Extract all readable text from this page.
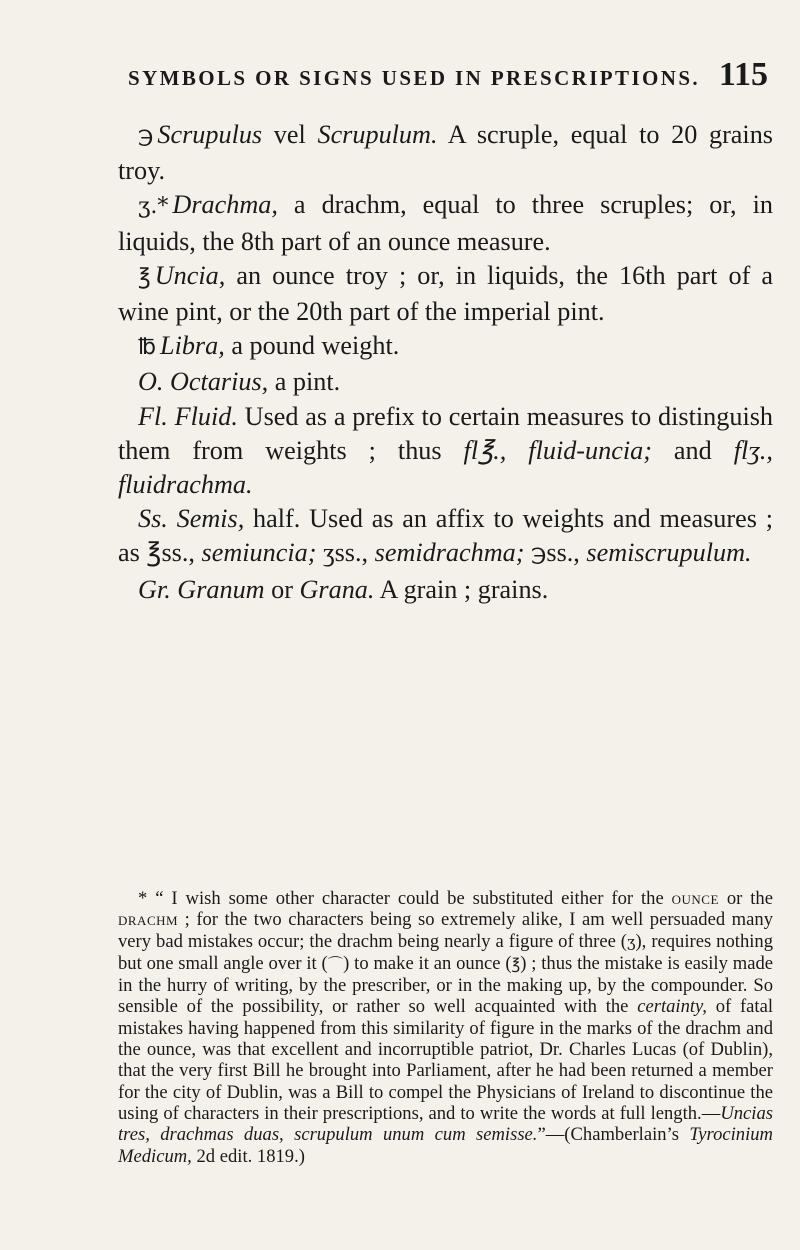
SYMBOLS OR SIGNS USED IN PRESCRIPTIONS. 115

℈ Scrupulus vel Scrupulum. A scruple, equal to 20 grains troy.

ʒ.* Drachma, a drachm, equal to three scruples; or, in liquids, the 8th part of an ounce measure.

℥ Uncia, an ounce troy ; or, in liquids, the 16th part of a wine pint, or the 20th part of the imperial pint.

℔ Libra, a pound weight.

O. Octarius, a pint.

Fl. Fluid. Used as a prefix to certain measures to distinguish them from weights ; thus fl℥., fluid-uncia; and flʒ., fluidrachma.

Ss. Semis, half. Used as an affix to weights and measures ; as ℥ss., semiuncia; ʒss., semidrachma; ℈ss., semiscrupulum.

Gr. Granum or Grana. A grain ; grains.

* “ I wish some other character could be substituted either for the ounce or the drachm ; for the two characters being so extremely alike, I am well persuaded many very bad mistakes occur; the drachm being nearly a figure of three (ʒ), requires nothing but one small angle over it (⌒) to make it an ounce (℥) ; thus the mistake is easily made in the hurry of writing, by the prescriber, or in the making up, by the compounder. So sensible of the possibility, or rather so well acquainted with the certainty, of fatal mistakes having happened from this similarity of figure in the marks of the drachm and the ounce, was that excellent and incorruptible patriot, Dr. Charles Lucas (of Dublin), that the very first Bill he brought into Parliament, after he had been returned a member for the city of Dublin, was a Bill to compel the Physicians of Ireland to discontinue the using of characters in their prescriptions, and to write the words at full length.—Uncias tres, drachmas duas, scrupulum unum cum semisse.”—(Chamberlain’s Tyrocinium Medicum, 2d edit. 1819.)
